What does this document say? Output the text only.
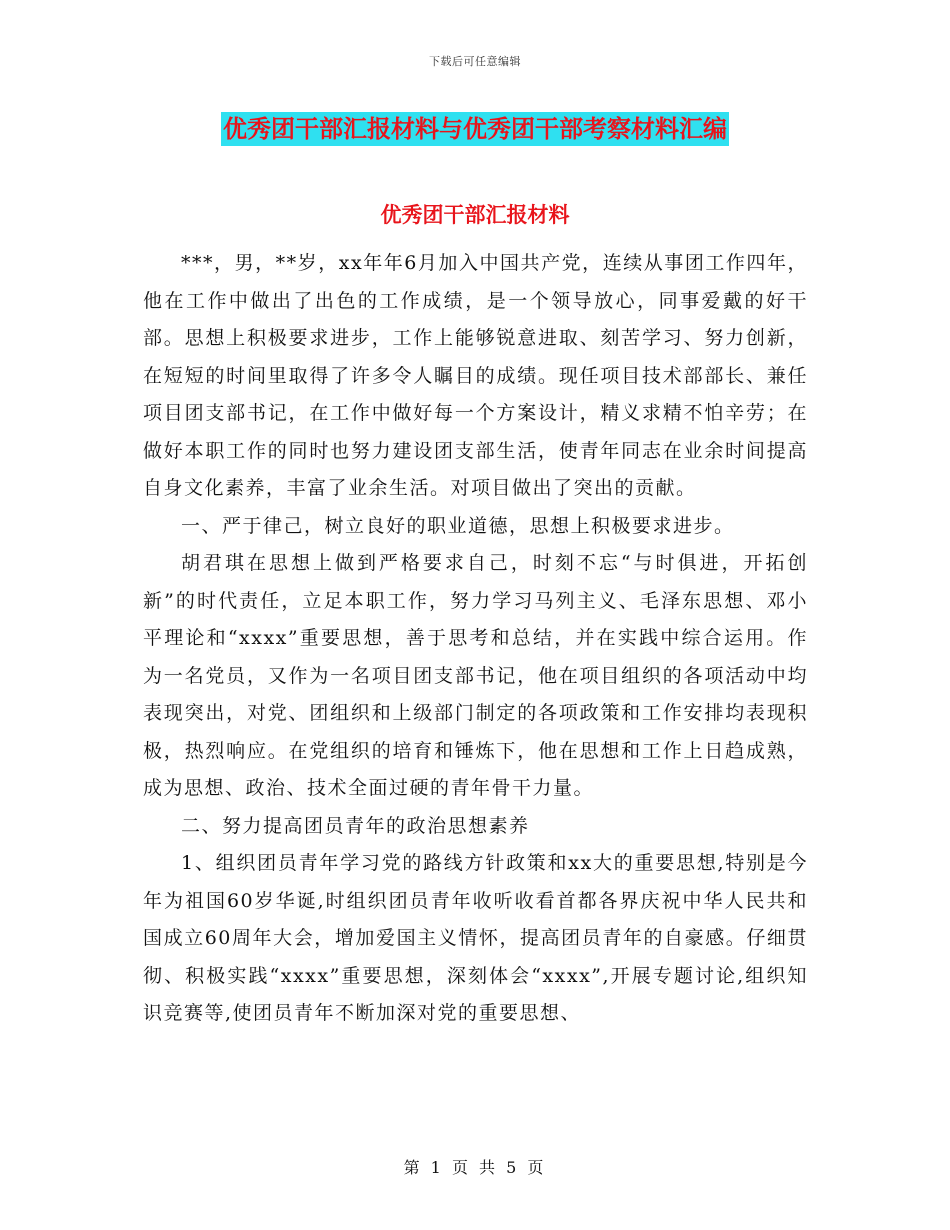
下载后可任意编辑
优秀团干部汇报材料与优秀团干部考察材料汇编
优秀团干部汇报材料

***，男，**岁，xx年年6月加入中国共产党，连续从事团工作四年，他在工作中做出了出色的工作成绩，是一个领导放心，同事爱戴的好干部。思想上积极要求进步，工作上能够锐意进取、刻苦学习、努力创新，在短短的时间里取得了许多令人瞩目的成绩。现任项目技术部部长、兼任项目团支部书记，在工作中做好每一个方案设计，精义求精不怕辛劳；在做好本职工作的同时也努力建设团支部生活，使青年同志在业余时间提高自身文化素养，丰富了业余生活。对项目做出了突出的贡献。

一、严于律己，树立良好的职业道德，思想上积极要求进步。

胡君琪在思想上做到严格要求自己，时刻不忘“与时俱进，开拓创新”的时代责任，立足本职工作，努力学习马列主义、毛泽东思想、邓小平理论和“xxxx”重要思想，善于思考和总结，并在实践中综合运用。作为一名党员，又作为一名项目团支部书记，他在项目组织的各项活动中均表现突出，对党、团组织和上级部门制定的各项政策和工作安排均表现积极，热烈响应。在党组织的培育和锤炼下，他在思想和工作上日趋成熟，成为思想、政治、技术全面过硬的青年骨干力量。

二、努力提高团员青年的政治思想素养

1、组织团员青年学习党的路线方针政策和xx大的重要思想,特别是今年为祖国60岁华诞,时组织团员青年收听收看首都各界庆祝中华人民共和国成立60周年大会，增加爱国主义情怀，提高团员青年的自豪感。仔细贯彻、积极实践“xxxx”重要思想，深刻体会“xxxx”,开展专题讨论,组织知识竞赛等,使团员青年不断加深对党的重要思想、

第 1 页 共 5 页
